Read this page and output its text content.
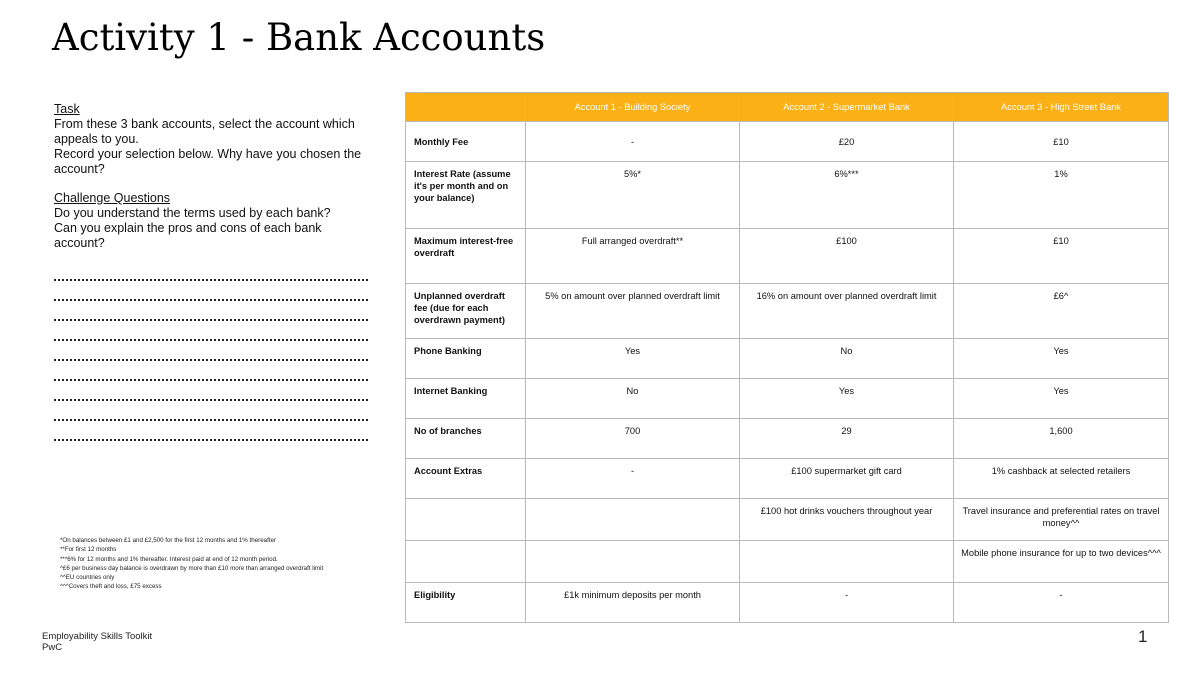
Activity 1 - Bank Accounts
Task
From these 3 bank accounts, select the account which appeals to you.
Record your selection below. Why have you chosen the account?
Challenge Questions
Do you understand the terms used by each bank?
Can you explain the pros and cons of each bank account?
*On balances between £1 and £2,500 for the first 12 months and 1% thereafter
**For first 12 months
***6% for 12 months and 1% thereafter. Interest paid at end of 12 month period.
^£6 per business day balance is overdrawn by more than £10 more than arranged overdraft limit
^^EU countries only
^^^Covers theft and loss, £75 excess
	Account 1 - Building Society	Account 2 - Supermarket Bank	Account 3 - High Street Bank
Monthly Fee	-	£20	£10
Interest Rate (assume it's per month and on your balance)	5%*	6%***	1%
Maximum interest-free overdraft	Full arranged overdraft**	£100	£10
Unplanned overdraft fee (due for each overdrawn payment)	5% on amount over planned overdraft limit	16% on amount over planned overdraft limit	£6^
Phone Banking	Yes	No	Yes
Internet Banking	No	Yes	Yes
No of branches	700	29	1,600
Account Extras	-	£100 supermarket gift card	1% cashback at selected retailers
		£100 hot drinks vouchers throughout year	Travel insurance and preferential rates on travel money^^
			Mobile phone insurance for up to two devices^^^
Eligibility	£1k minimum deposits per month	-	-
Employability Skills Toolkit
PwC
1
